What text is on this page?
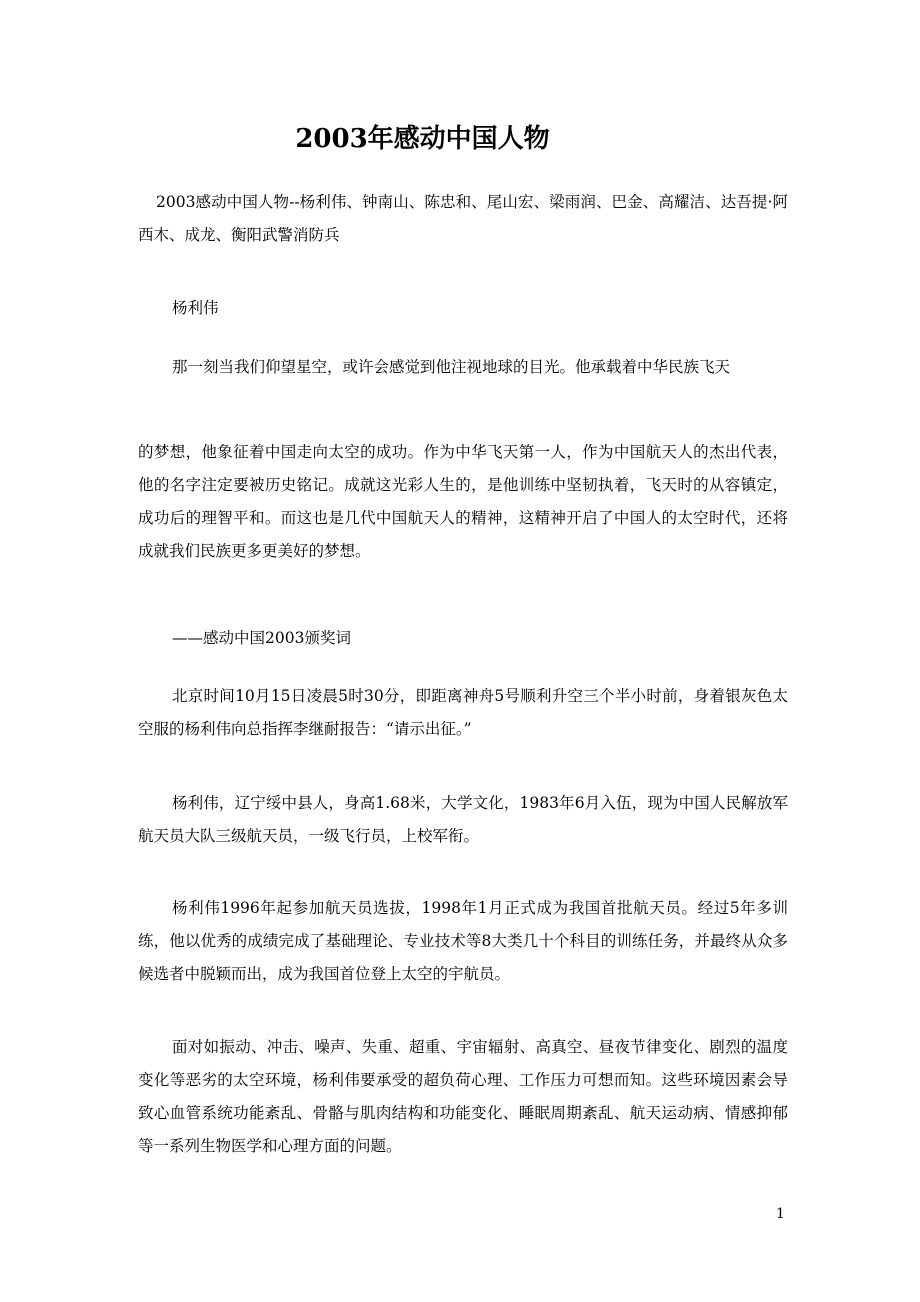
2003年感动中国人物

2003感动中国人物--杨利伟、钟南山、陈忠和、尾山宏、梁雨润、巴金、高耀洁、达吾提·阿西木、成龙、衡阳武警消防兵

杨利伟

那一刻当我们仰望星空，或许会感觉到他注视地球的目光。他承载着中华民族飞天

的梦想，他象征着中国走向太空的成功。作为中华飞天第一人，作为中国航天人的杰出代表，他的名字注定要被历史铭记。成就这光彩人生的，是他训练中坚韧执着，飞天时的从容镇定，成功后的理智平和。而这也是几代中国航天人的精神，这精神开启了中国人的太空时代，还将成就我们民族更多更美好的梦想。

——感动中国2003颁奖词

北京时间10月15日凌晨5时30分，即距离神舟5号顺利升空三个半小时前，身着银灰色太空服的杨利伟向总指挥李继耐报告：“请示出征。”

杨利伟，辽宁绥中县人，身高1.68米，大学文化，1983年6月入伍，现为中国人民解放军航天员大队三级航天员，一级飞行员，上校军衔。

杨利伟1996年起参加航天员选拔，1998年1月正式成为我国首批航天员。经过5年多训练，他以优秀的成绩完成了基础理论、专业技术等8大类几十个科目的训练任务，并最终从众多候选者中脱颖而出，成为我国首位登上太空的宇航员。

面对如振动、冲击、噪声、失重、超重、宇宙辐射、高真空、昼夜节律变化、剧烈的温度变化等恶劣的太空环境，杨利伟要承受的超负荷心理、工作压力可想而知。这些环境因素会导致心血管系统功能紊乱、骨骼与肌肉结构和功能变化、睡眠周期紊乱、航天运动病、情感抑郁等一系列生物医学和心理方面的问题。

1
